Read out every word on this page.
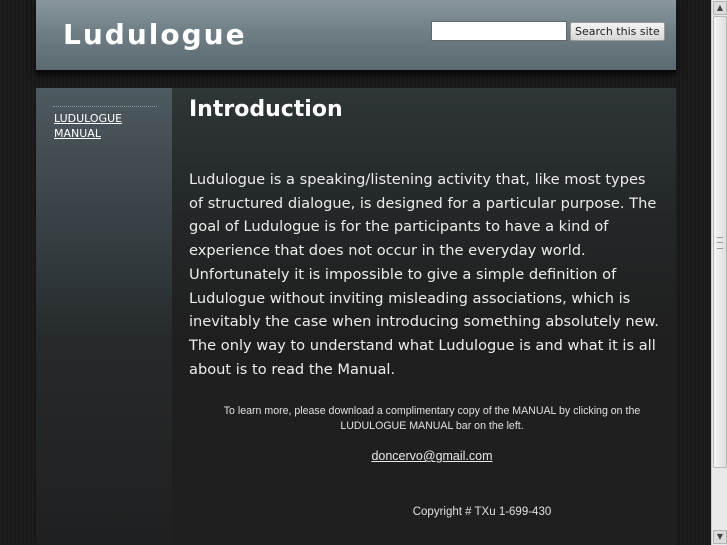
Ludulogue	Search this site
LUDULOGUE MANUAL
Introduction

Ludulogue is a speaking/listening activity that, like most types of structured dialogue, is designed for a particular purpose. The goal of Ludulogue is for the participants to have a kind of experience that does not occur in the everyday world. Unfortunately it is impossible to give a simple definition of Ludulogue without inviting misleading associations, which is inevitably the case when introducing something absolutely new. The only way to understand what Ludulogue is and what it is all about is to read the Manual.

To learn more, please download a complimentary copy of the MANUAL by clicking on the LUDULOGUE MANUAL bar on the left.

doncervo@gmail.com
Copyright # TXu 1-699-430
▲
▼
